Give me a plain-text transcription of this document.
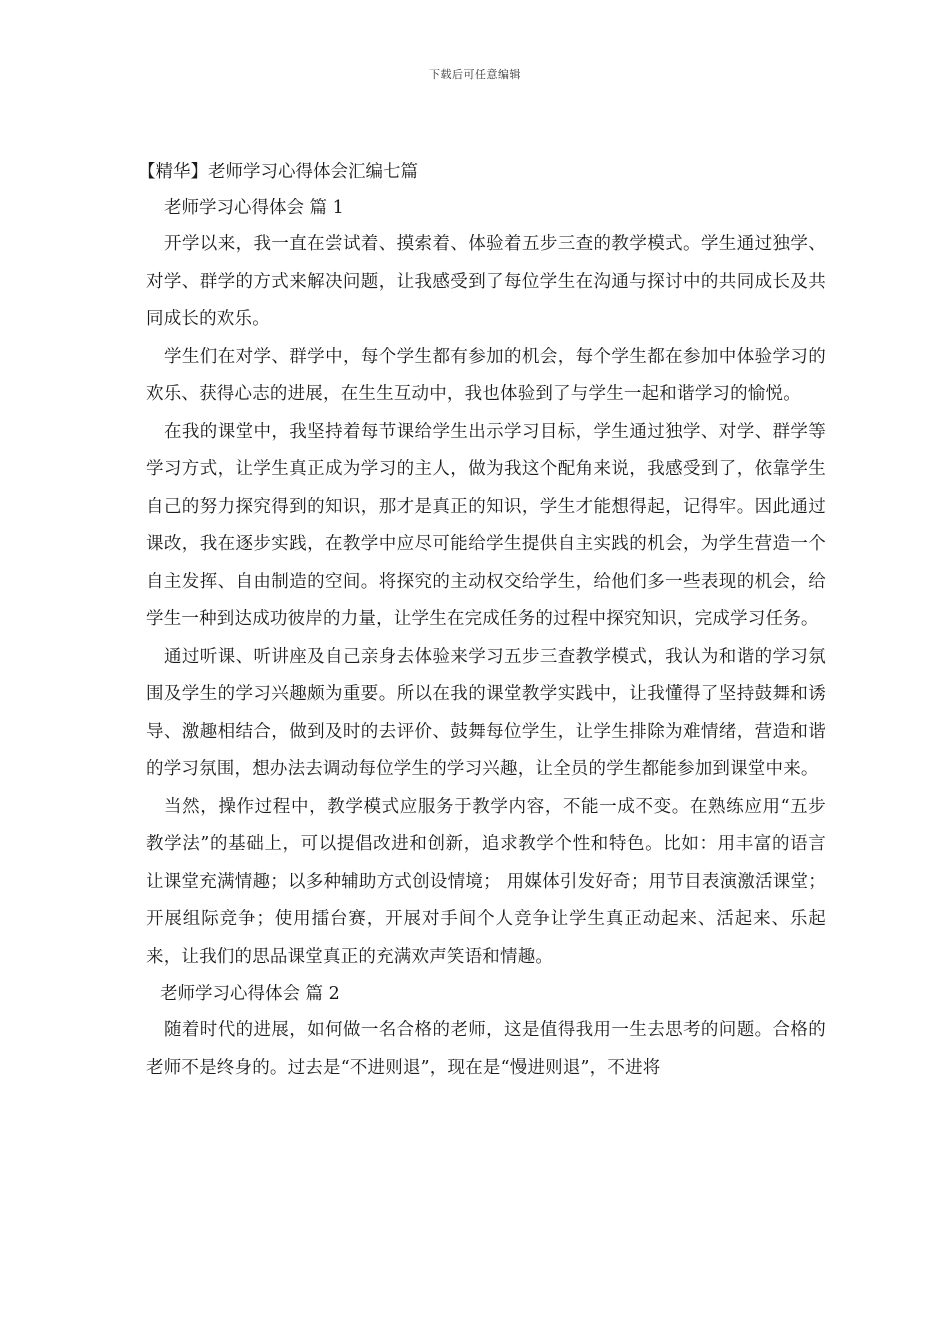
下载后可任意编辑
【精华】老师学习心得体会汇编七篇
老师学习心得体会 篇 1

开学以来，我一直在尝试着、摸索着、体验着五步三查的教学模式。学生通过独学、对学、群学的方式来解决问题，让我感受到了每位学生在沟通与探讨中的共同成长及共同成长的欢乐。

学生们在对学、群学中，每个学生都有参加的机会，每个学生都在参加中体验学习的欢乐、获得心志的进展，在生生互动中，我也体验到了与学生一起和谐学习的愉悦。

在我的课堂中，我坚持着每节课给学生出示学习目标，学生通过独学、对学、群学等学习方式，让学生真正成为学习的主人，做为我这个配角来说，我感受到了，依靠学生自己的努力探究得到的知识，那才是真正的知识，学生才能想得起，记得牢。因此通过课改，我在逐步实践，在教学中应尽可能给学生提供自主实践的机会，为学生营造一个自主发挥、自由制造的空间。将探究的主动权交给学生，给他们多一些表现的机会，给学生一种到达成功彼岸的力量，让学生在完成任务的过程中探究知识，完成学习任务。

通过听课、听讲座及自己亲身去体验来学习五步三查教学模式，我认为和谐的学习氛围及学生的学习兴趣颇为重要。所以在我的课堂教学实践中，让我懂得了坚持鼓舞和诱导、激趣相结合，做到及时的去评价、鼓舞每位学生，让学生排除为难情绪，营造和谐的学习氛围，想办法去调动每位学生的学习兴趣，让全员的学生都能参加到课堂中来。

当然，操作过程中，教学模式应服务于教学内容，不能一成不变。在熟练应用“五步教学法”的基础上，可以提倡改进和创新，追求教学个性和特色。比如：用丰富的语言让课堂充满情趣；以多种辅助方式创设情境； 用媒体引发好奇；用节目表演激活课堂；开展组际竞争；使用擂台赛，开展对手间个人竞争让学生真正动起来、活起来、乐起来，让我们的思品课堂真正的充满欢声笑语和情趣。

老师学习心得体会 篇 2

随着时代的进展，如何做一名合格的老师，这是值得我用一生去思考的问题。合格的老师不是终身的。过去是“不进则退”，现在是“慢进则退”，不进将
